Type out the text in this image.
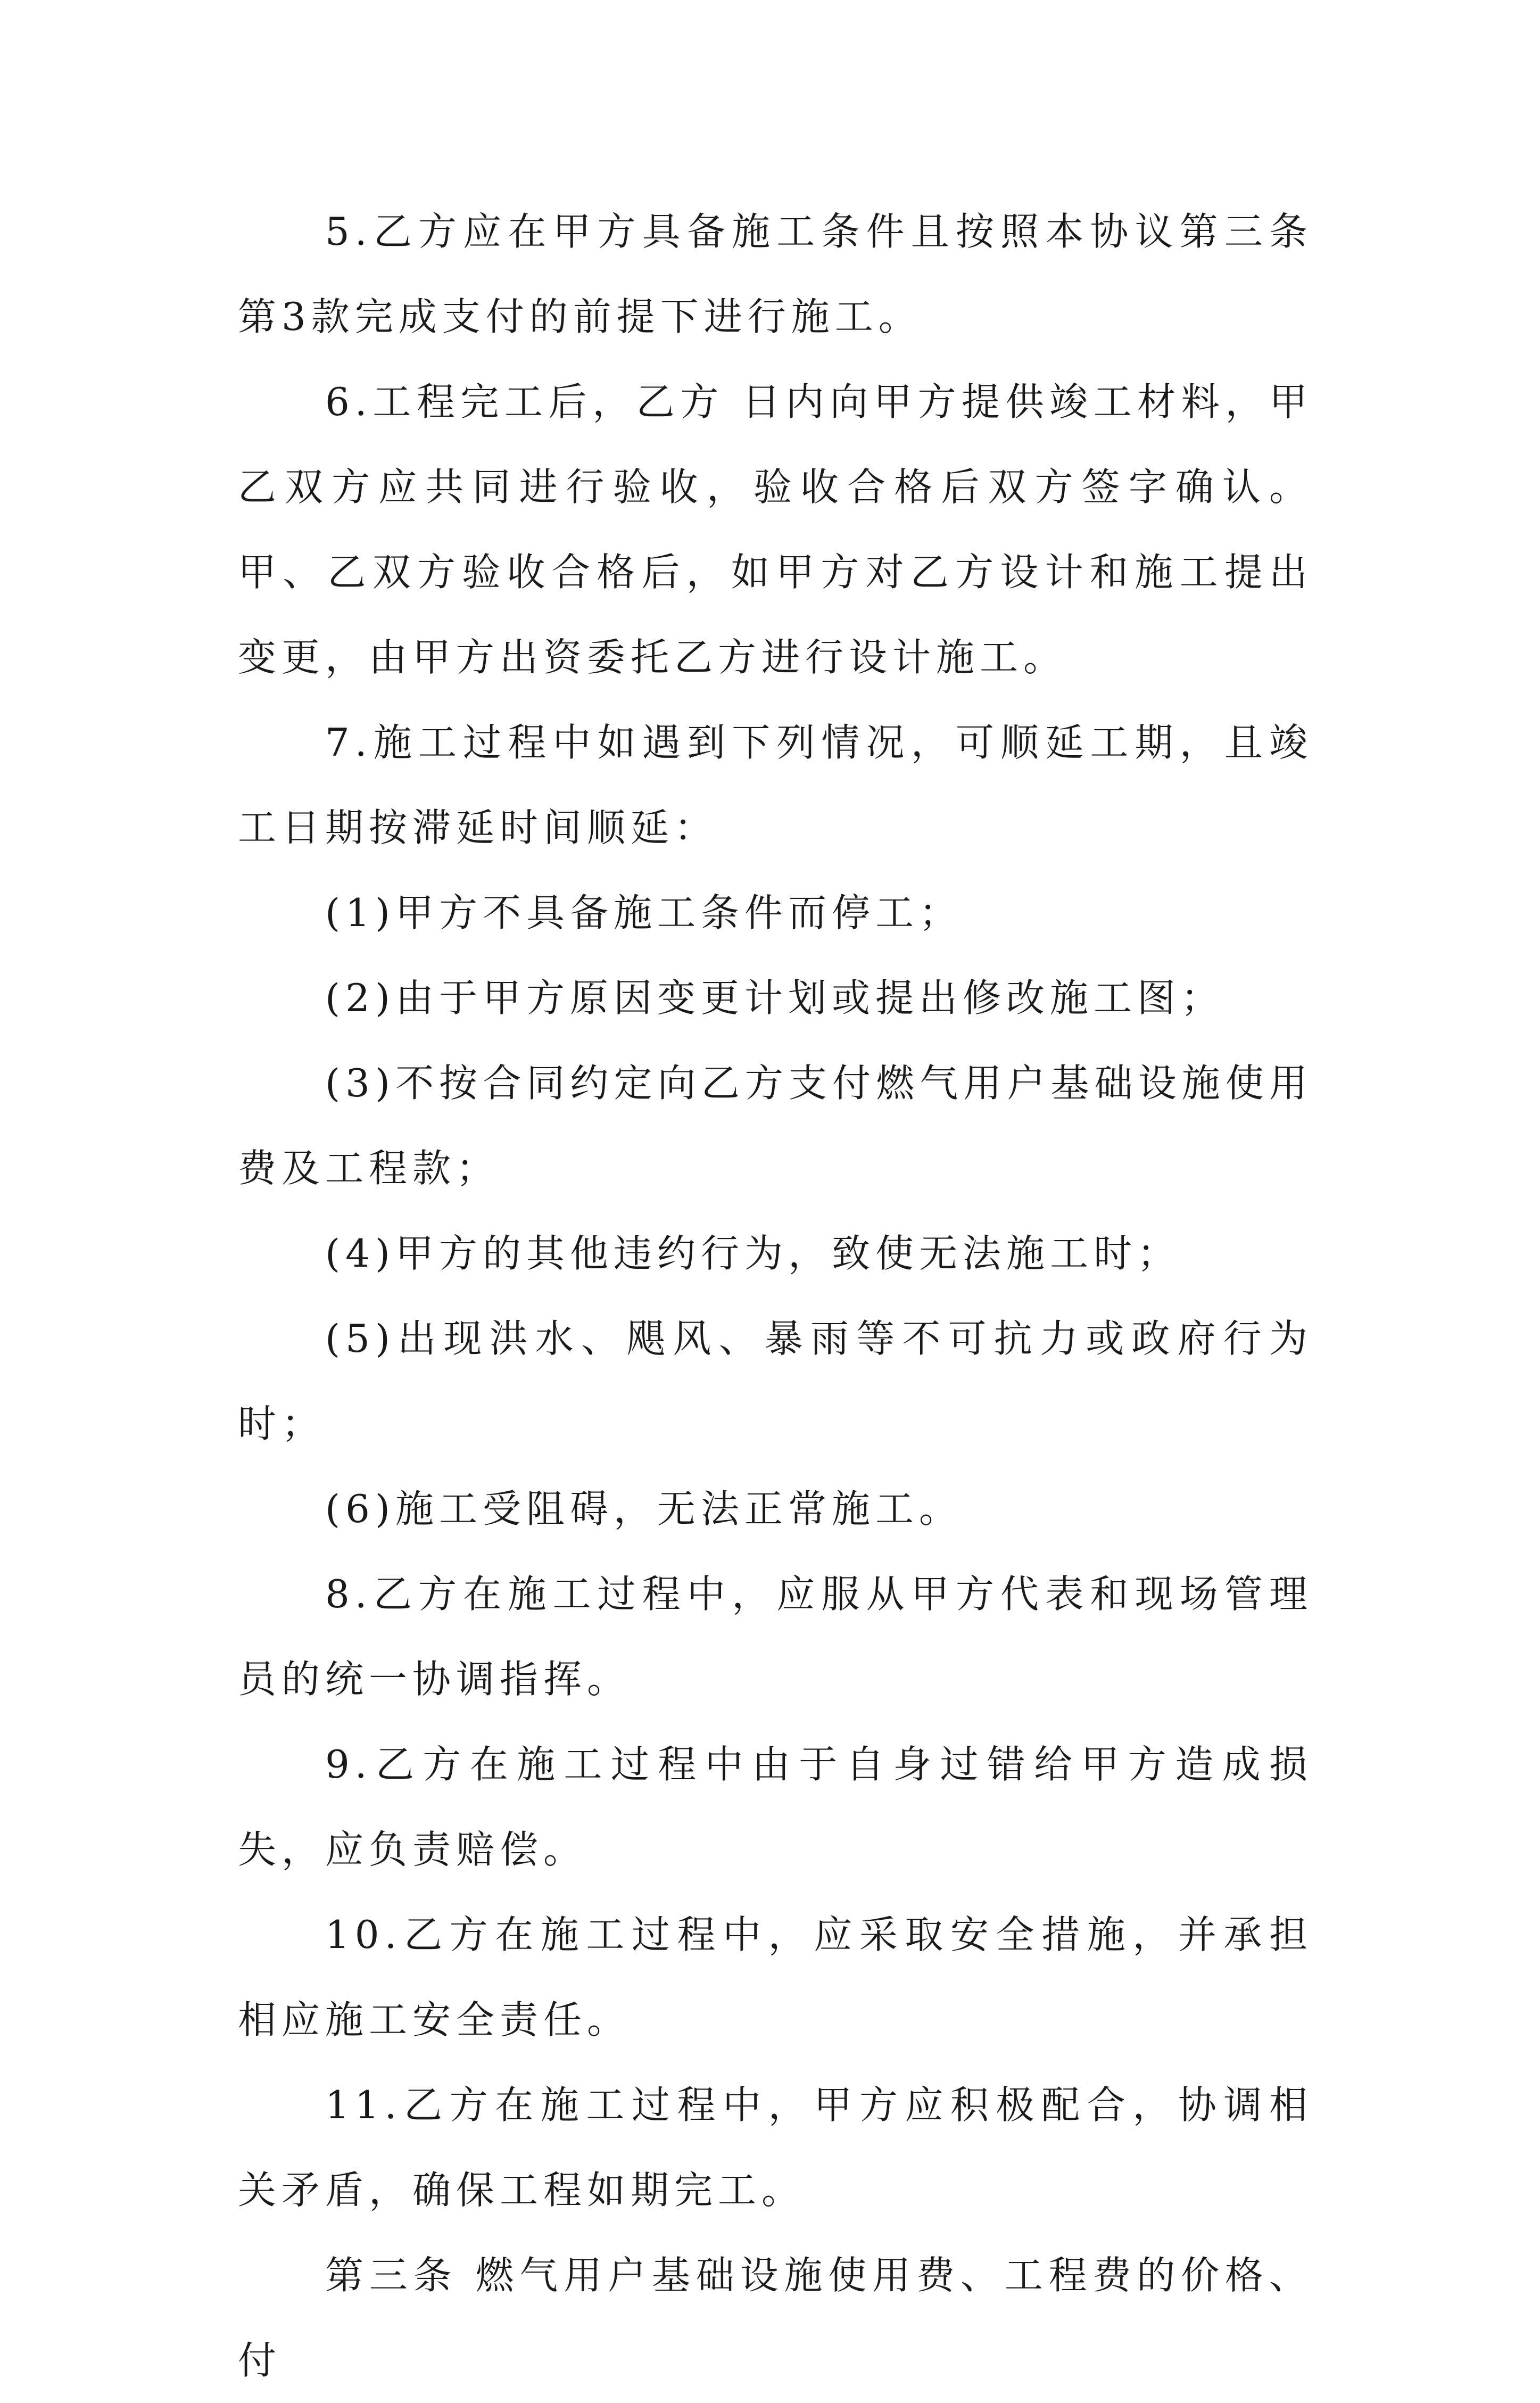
5.乙方应在甲方具备施工条件且按照本协议第三条第3款完成支付的前提下进行施工。

6.工程完工后，乙方 日内向甲方提供竣工材料，甲乙双方应共同进行验收，验收合格后双方签字确认。甲、乙双方验收合格后，如甲方对乙方设计和施工提出变更，由甲方出资委托乙方进行设计施工。

7.施工过程中如遇到下列情况，可顺延工期，且竣工日期按滞延时间顺延：

(1)甲方不具备施工条件而停工；

(2)由于甲方原因变更计划或提出修改施工图；

(3)不按合同约定向乙方支付燃气用户基础设施使用费及工程款；

(4)甲方的其他违约行为，致使无法施工时；

(5)出现洪水、飓风、暴雨等不可抗力或政府行为时；

(6)施工受阻碍，无法正常施工。

8.乙方在施工过程中，应服从甲方代表和现场管理员的统一协调指挥。

9.乙方在施工过程中由于自身过错给甲方造成损失，应负责赔偿。

10.乙方在施工过程中，应采取安全措施，并承担相应施工安全责任。

11.乙方在施工过程中，甲方应积极配合，协调相关矛盾，确保工程如期完工。

第三条 燃气用户基础设施使用费、工程费的价格、付
